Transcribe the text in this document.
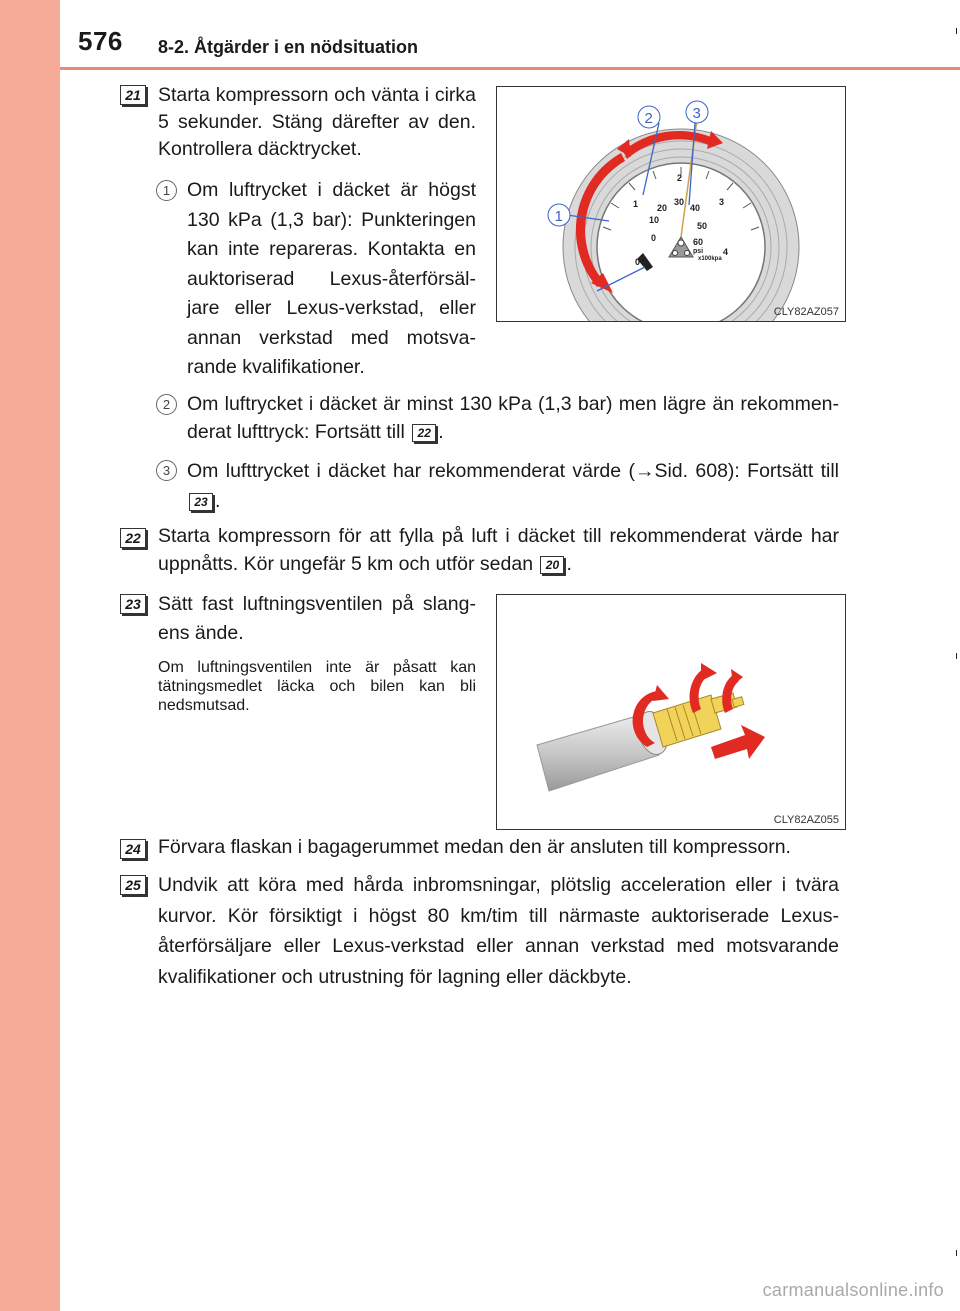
576 8-2. Åtgärder i en nödsituation
21 Starta kompressorn och vänta i cirka 5 sekunder. Stäng därefter av den. Kontrollera däcktrycket.
1 Om luftrycket i däcket är högst 130 kPa (1,3 bar): Punkteringen kan inte repareras. Kontakta en auktoriserad Lexus-återförsäl-jare eller Lexus-verkstad, eller annan verkstad med motsva-rande kvalifikationer.
0
1
2
3
4
0
10
20
30
40
50
60
psi
x100kpa
1
2	3
CLY82AZ057
2 Om luftrycket i däcket är minst 130 kPa (1,3 bar) men lägre än rekommen-derat lufttryck: Fortsätt till 22 .
3 Om lufttrycket i däcket har rekommenderat värde (→Sid. 608): Fortsätt till 23 .
22 Starta kompressorn för att fylla på luft i däcket till rekommenderat värde har uppnåtts. Kör ungefär 5 km och utför sedan 20 .
23 Sätt fast luftningsventilen på slang-ens ände.
Om luftningsventilen inte är påsatt kan tätningsmedlet läcka och bilen kan bli nedsmutsad.
CLY82AZ055
24 Förvara flaskan i bagagerummet medan den är ansluten till kompressorn.
25 Undvik att köra med hårda inbromsningar, plötslig acceleration eller i tvära kurvor. Kör försiktigt i högst 80 km/tim till närmaste auktoriserade Lexus-återförsäljare eller Lexus-verkstad eller annan verkstad med motsvarande kvalifikationer och utrustning för lagning eller däckbyte.
carmanualsonline.info
